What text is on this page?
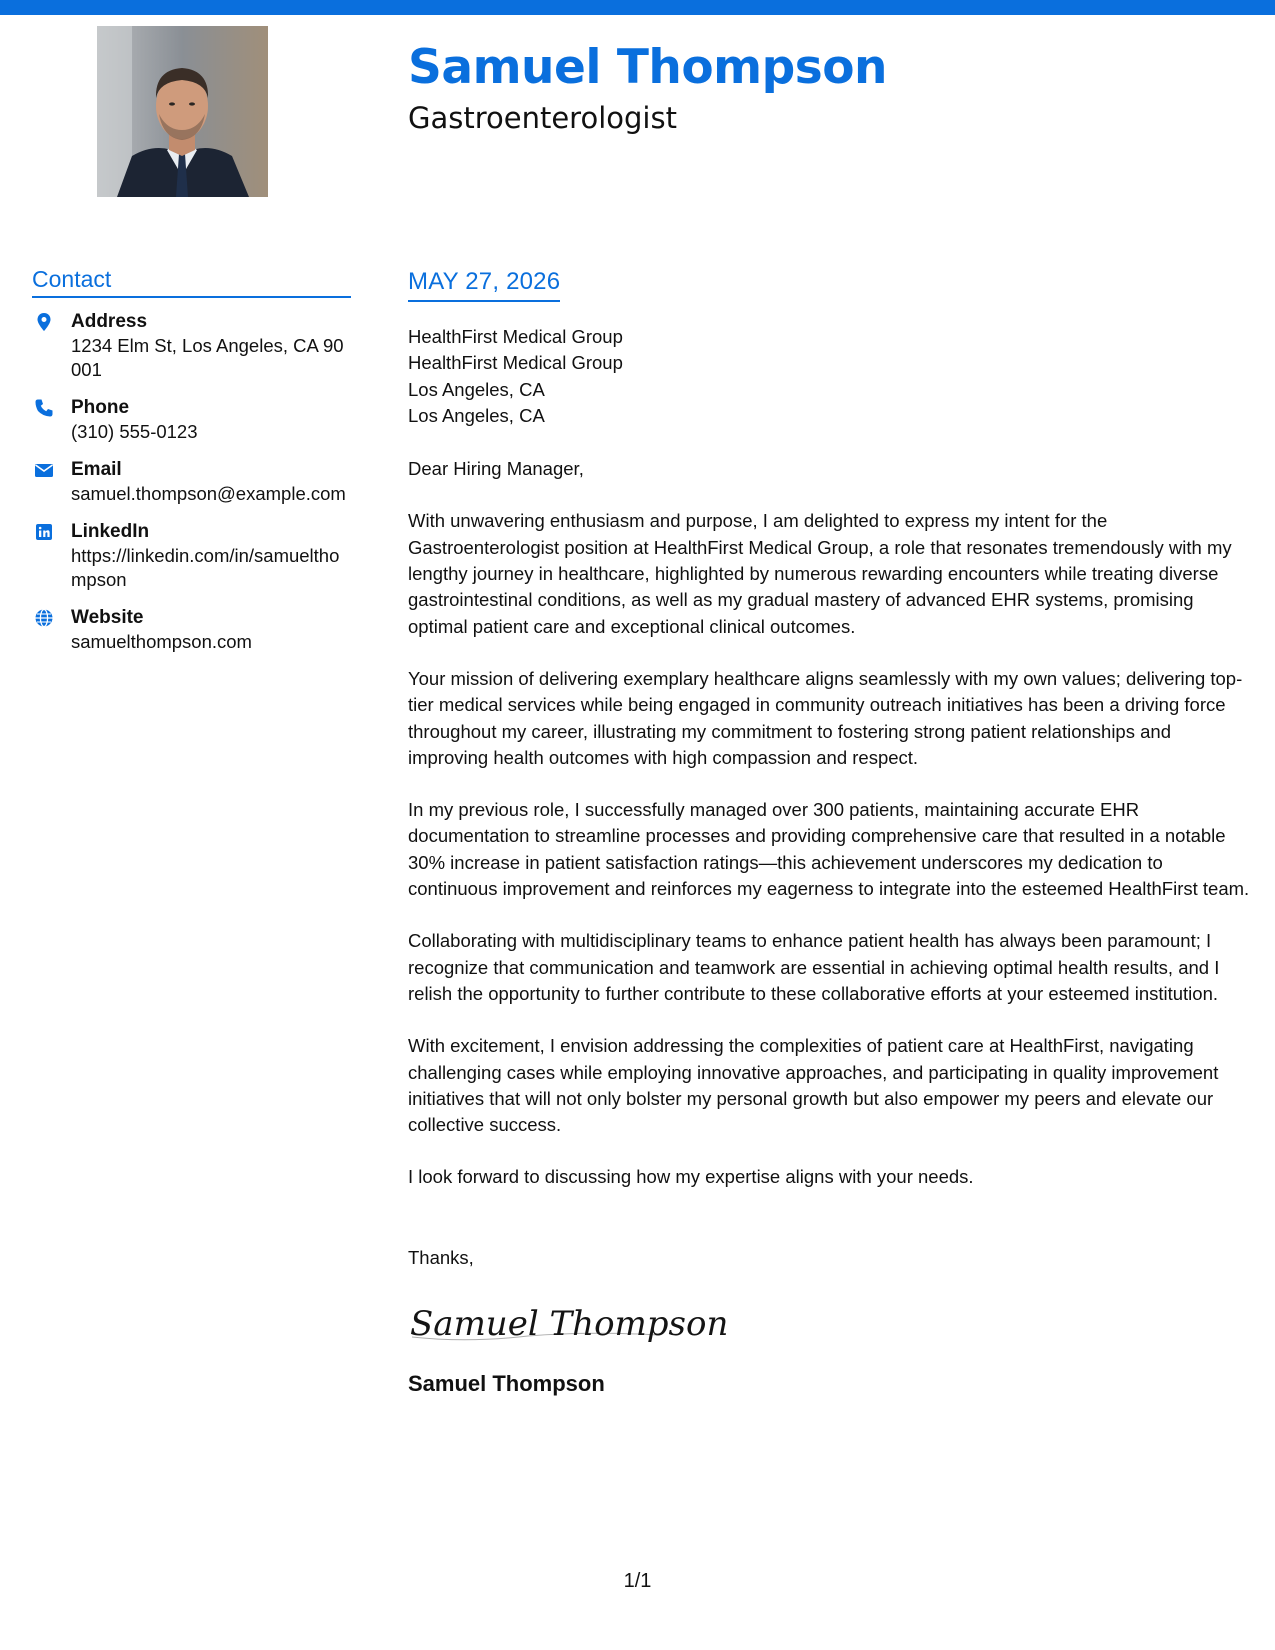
Samuel Thompson
Gastroenterologist
Contact
Address
1234 Elm St, Los Angeles, CA 90001
Phone
(310) 555-0123
Email
samuel.thompson@example.com
LinkedIn
https://linkedin.com/in/samuelthompson
Website
samuelthompson.com
MAY 27, 2026
HealthFirst Medical Group
HealthFirst Medical Group
Los Angeles, CA
Los Angeles, CA
Dear Hiring Manager,
With unwavering enthusiasm and purpose, I am delighted to express my intent for the Gastroenterologist position at HealthFirst Medical Group, a role that resonates tremendously with my lengthy journey in healthcare, highlighted by numerous rewarding encounters while treating diverse gastrointestinal conditions, as well as my gradual mastery of advanced EHR systems, promising optimal patient care and exceptional clinical outcomes.
Your mission of delivering exemplary healthcare aligns seamlessly with my own values; delivering top-tier medical services while being engaged in community outreach initiatives has been a driving force throughout my career, illustrating my commitment to fostering strong patient relationships and improving health outcomes with high compassion and respect.
In my previous role, I successfully managed over 300 patients, maintaining accurate EHR documentation to streamline processes and providing comprehensive care that resulted in a notable 30% increase in patient satisfaction ratings—this achievement underscores my dedication to continuous improvement and reinforces my eagerness to integrate into the esteemed HealthFirst team.
Collaborating with multidisciplinary teams to enhance patient health has always been paramount; I recognize that communication and teamwork are essential in achieving optimal health results, and I relish the opportunity to further contribute to these collaborative efforts at your esteemed institution.
With excitement, I envision addressing the complexities of patient care at HealthFirst, navigating challenging cases while employing innovative approaches, and participating in quality improvement initiatives that will not only bolster my personal growth but also empower my peers and elevate our collective success.
I look forward to discussing how my expertise aligns with your needs.
Thanks,
Samuel Thompson
Samuel Thompson
1/1
